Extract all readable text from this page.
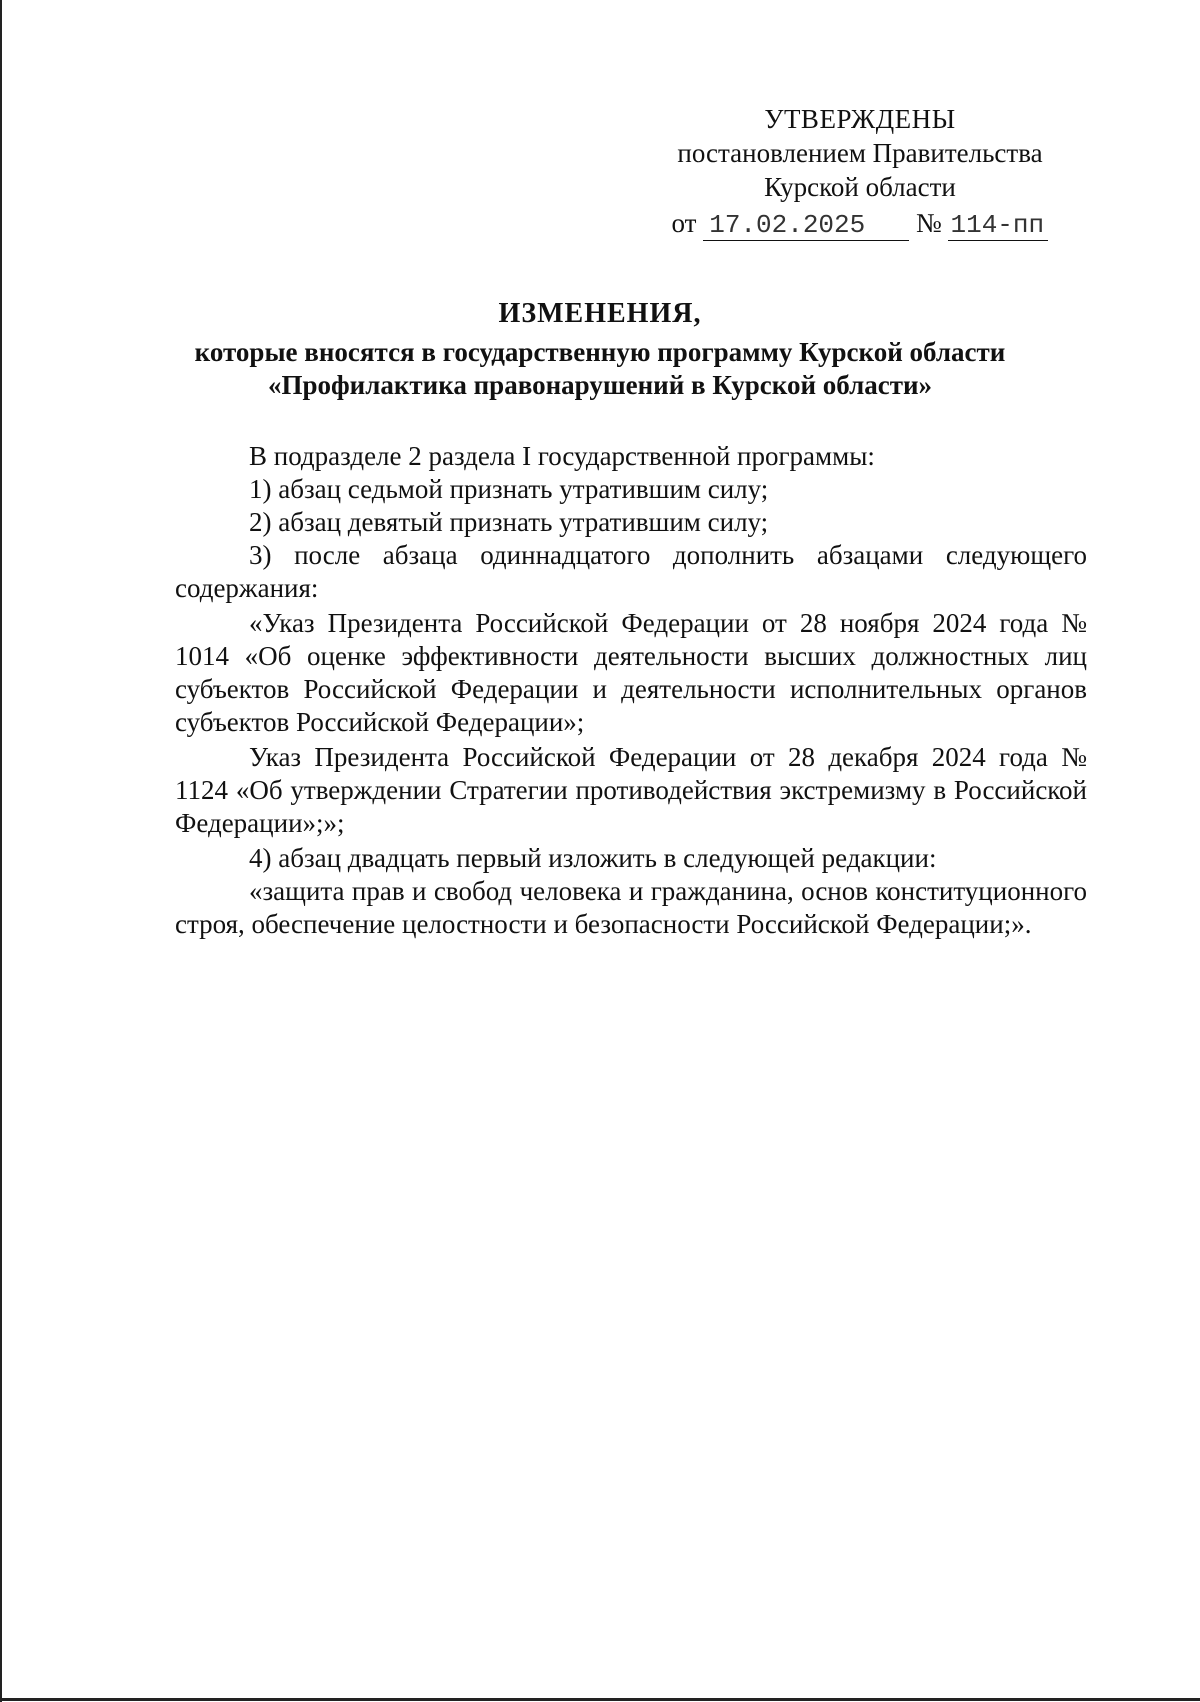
УТВЕРЖДЕНЫ
постановлением Правительства
Курской области
от 17.02.2025 № 114-пп
ИЗМЕНЕНИЯ,
которые вносятся в государственную программу Курской области
«Профилактика правонарушений в Курской области»

В подразделе 2 раздела I государственной программы:

1) абзац седьмой признать утратившим силу;

2) абзац девятый признать утратившим силу;

3) после абзаца одиннадцатого дополнить абзацами следующего содержания:

«Указ Президента Российской Федерации от 28 ноября 2024 года № 1014 «Об оценке эффективности деятельности высших должностных лиц субъектов Российской Федерации и деятельности исполнительных органов субъектов Российской Федерации»;

Указ Президента Российской Федерации от 28 декабря 2024 года № 1124 «Об утверждении Стратегии противодействия экстремизму в Российской Федерации»;»;

4) абзац двадцать первый изложить в следующей редакции:

«защита прав и свобод человека и гражданина, основ конституционного строя, обеспечение целостности и безопасности Российской Федерации;».
